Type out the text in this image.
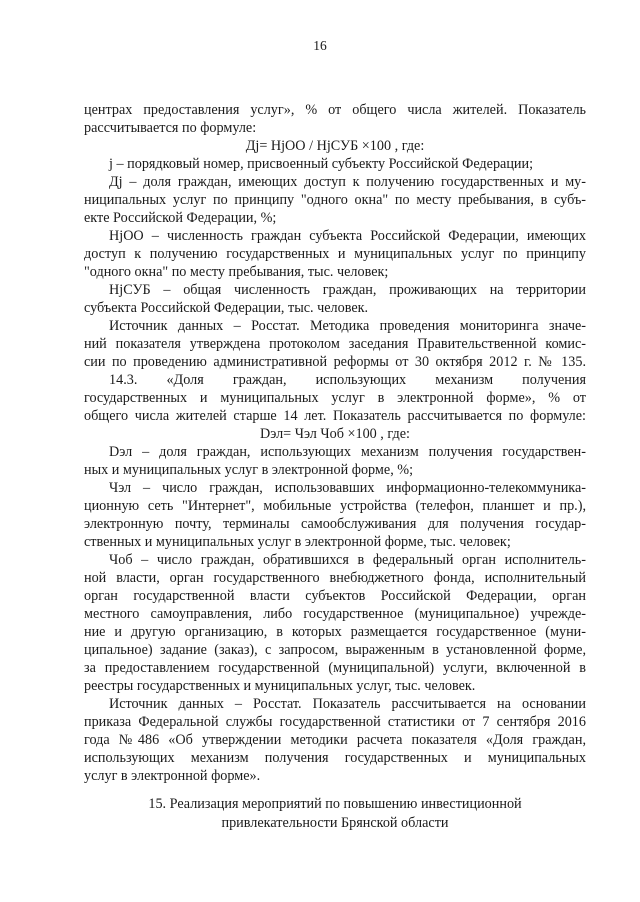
16

центрах предоставления услуг», % от общего числа жителей. Показатель

рассчитывается по формуле:

Дj= НjОО / НjСУБ ×100 , где:

j – порядковый номер, присвоенный субъекту Российской Федерации;

Дj – доля граждан, имеющих доступ к получению государственных и му-

ниципальных услуг по принципу "одного окна" по месту пребывания, в субъ-

екте Российской Федерации, %;

НjОО – численность граждан субъекта Российской Федерации, имеющих

доступ к получению государственных и муниципальных услуг по принципу

"одного окна" по месту пребывания, тыс. человек;

НjСУБ – общая численность граждан, проживающих на территории

субъекта Российской Федерации, тыс. человек.

Источник данных – Росстат. Методика проведения мониторинга значе-

ний показателя утверждена протоколом заседания Правительственной комис-

сии по проведению административной реформы от 30 октября 2012 г. № 135.

14.3. «Доля граждан, использующих механизм получения

государственных и муниципальных услуг в электронной форме», % от

общего числа жителей старше 14 лет. Показатель рассчитывается по формуле:

Dэл= Чэл Чоб ×100 , где:

Dэл – доля граждан, использующих механизм получения государствен-

ных и муниципальных услуг в электронной форме, %;

Чэл – число граждан, использовавших информационно-телекоммуника-

ционную сеть "Интернет", мобильные устройства (телефон, планшет и пр.),

электронную почту, терминалы самообслуживания для получения государ-

ственных и муниципальных услуг в электронной форме, тыс. человек;

Чоб – число граждан, обратившихся в федеральный орган исполнитель-

ной власти, орган государственного внебюджетного фонда, исполнительный

орган государственной власти субъектов Российской Федерации, орган

местного самоуправления, либо государственное (муниципальное) учрежде-

ние и другую организацию, в которых размещается государственное (муни-

ципальное) задание (заказ), с запросом, выраженным в установленной форме,

за предоставлением государственной (муниципальной) услуги, включенной в

реестры государственных и муниципальных услуг, тыс. человек.

Источник данных – Росстат. Показатель рассчитывается на основании

приказа Федеральной службы государственной статистики от 7 сентября 2016

года №486 «Об утверждении методики расчета показателя «Доля граждан,

использующих механизм получения государственных и муниципальных

услуг в электронной форме».

15. Реализация мероприятий по повышению инвестиционной

привлекательности Брянской области
